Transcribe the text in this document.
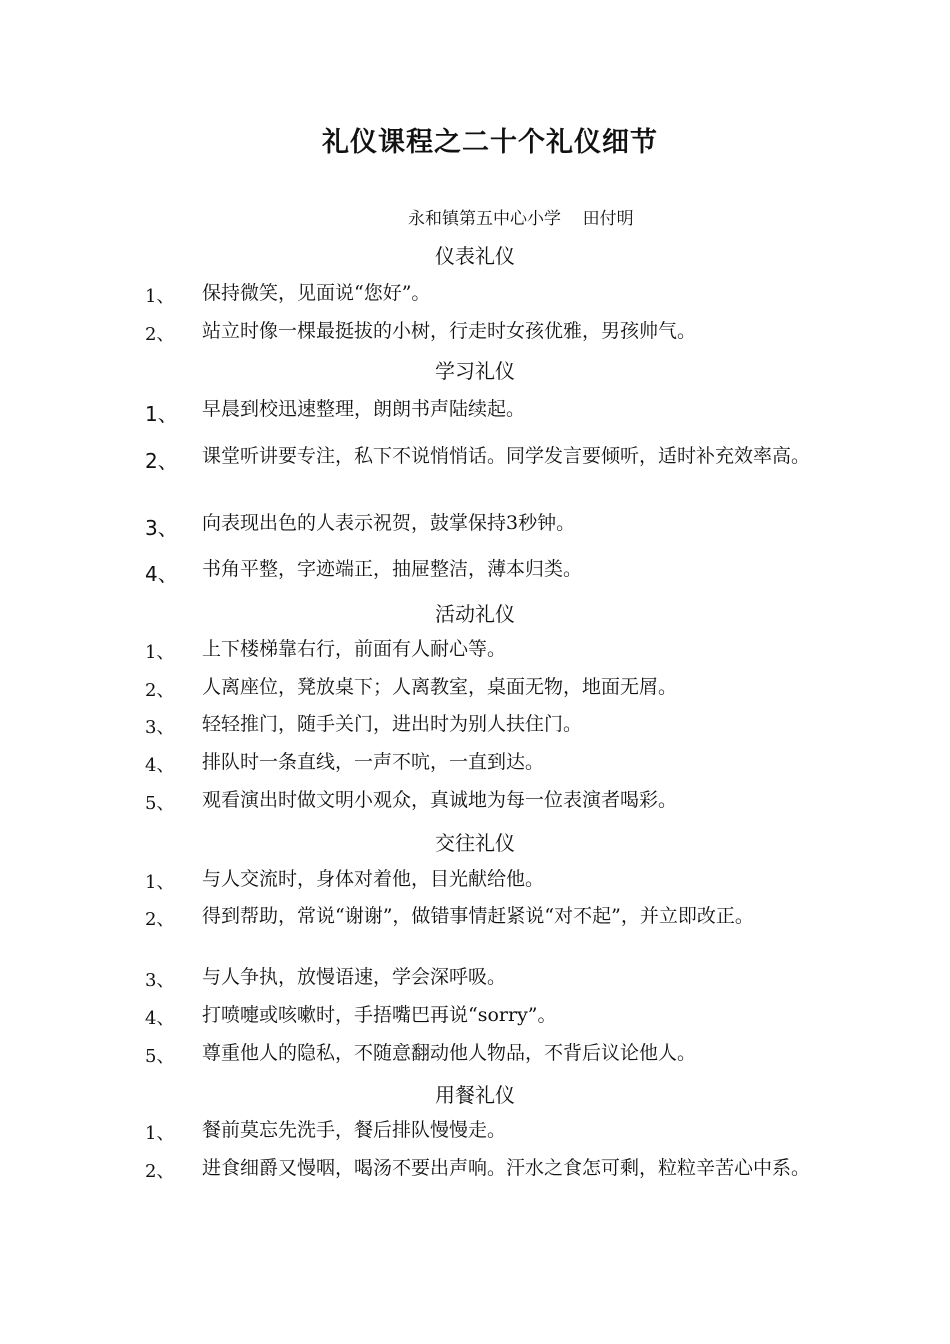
礼仪课程之二十个礼仪细节
永和镇第五中心小学    田付明
仪表礼仪
1、 保持微笑，见面说“您好”。
2、 站立时像一棵最挺拔的小树，行走时女孩优雅，男孩帅气。
学习礼仪
1、 早晨到校迅速整理，朗朗书声陆续起。
2、 课堂听讲要专注，私下不说悄悄话。同学发言要倾听，适时补充效率高。
3、 向表现出色的人表示祝贺，鼓掌保持3秒钟。
4、 书角平整，字迹端正，抽屉整洁，薄本归类。
活动礼仪
1、 上下楼梯靠右行，前面有人耐心等。
2、 人离座位，凳放桌下；人离教室，桌面无物，地面无屑。
3、 轻轻推门，随手关门，进出时为别人扶住门。
4、 排队时一条直线，一声不吭，一直到达。
5、 观看演出时做文明小观众，真诚地为每一位表演者喝彩。
交往礼仪
1、 与人交流时，身体对着他，目光献给他。
2、 得到帮助，常说“谢谢”，做错事情赶紧说“对不起”，并立即改正。
3、 与人争执，放慢语速，学会深呼吸。
4、 打喷嚏或咳嗽时，手捂嘴巴再说“sorry”。
5、 尊重他人的隐私，不随意翻动他人物品，不背后议论他人。
用餐礼仪
1、 餐前莫忘先洗手，餐后排队慢慢走。
2、 进食细爵又慢咽，喝汤不要出声响。汗水之食怎可剩，粒粒辛苦心中系。
